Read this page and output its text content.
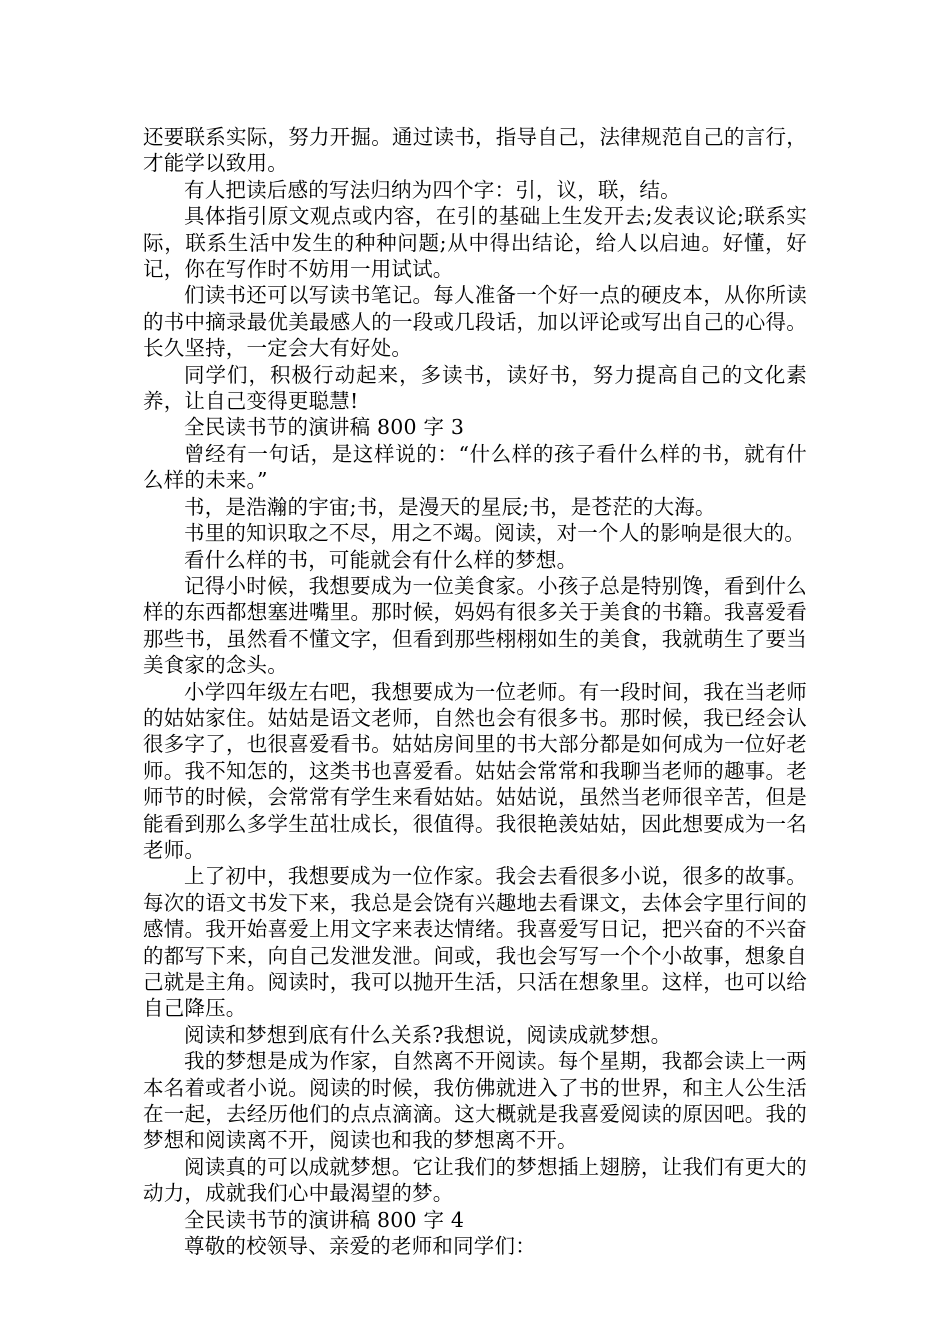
还要联系实际，努力开掘。通过读书，指导自己，法律规范自己的言行，才能学以致用。

有人把读后感的写法归纳为四个字：引，议，联，结。

具体指引原文观点或内容，在引的基础上生发开去;发表议论;联系实际，联系生活中发生的种种问题;从中得出结论，给人以启迪。好懂，好记，你在写作时不妨用一用试试。

们读书还可以写读书笔记。每人准备一个好一点的硬皮本，从你所读的书中摘录最优美最感人的一段或几段话，加以评论或写出自己的心得。长久坚持，一定会大有好处。

同学们，积极行动起来，多读书，读好书，努力提高自己的文化素养，让自己变得更聪慧!

全民读书节的演讲稿 800 字 3

曾经有一句话，是这样说的：“什么样的孩子看什么样的书，就有什么样的未来。”

书，是浩瀚的宇宙;书，是漫天的星辰;书，是苍茫的大海。

书里的知识取之不尽，用之不竭。阅读，对一个人的影响是很大的。

看什么样的书，可能就会有什么样的梦想。

记得小时候，我想要成为一位美食家。小孩子总是特别馋，看到什么样的东西都想塞进嘴里。那时候，妈妈有很多关于美食的书籍。我喜爱看那些书，虽然看不懂文字，但看到那些栩栩如生的美食，我就萌生了要当美食家的念头。

小学四年级左右吧，我想要成为一位老师。有一段时间，我在当老师的姑姑家住。姑姑是语文老师，自然也会有很多书。那时候，我已经会认很多字了，也很喜爱看书。姑姑房间里的书大部分都是如何成为一位好老师。我不知怎的，这类书也喜爱看。姑姑会常常和我聊当老师的趣事。老师节的时候，会常常有学生来看姑姑。姑姑说，虽然当老师很辛苦，但是能看到那么多学生茁壮成长，很值得。我很艳羡姑姑，因此想要成为一名老师。

上了初中，我想要成为一位作家。我会去看很多小说，很多的故事。每次的语文书发下来，我总是会饶有兴趣地去看课文，去体会字里行间的感情。我开始喜爱上用文字来表达情绪。我喜爱写日记，把兴奋的不兴奋的都写下来，向自己发泄发泄。间或，我也会写写一个个小故事，想象自己就是主角。阅读时，我可以抛开生活，只活在想象里。这样，也可以给自己降压。

阅读和梦想到底有什么关系?我想说，阅读成就梦想。

我的梦想是成为作家，自然离不开阅读。每个星期，我都会读上一两本名着或者小说。阅读的时候，我仿佛就进入了书的世界，和主人公生活在一起，去经历他们的点点滴滴。这大概就是我喜爱阅读的原因吧。我的梦想和阅读离不开，阅读也和我的梦想离不开。

阅读真的可以成就梦想。它让我们的梦想插上翅膀，让我们有更大的动力，成就我们心中最渴望的梦。

全民读书节的演讲稿 800 字 4

尊敬的校领导、亲爱的老师和同学们：
